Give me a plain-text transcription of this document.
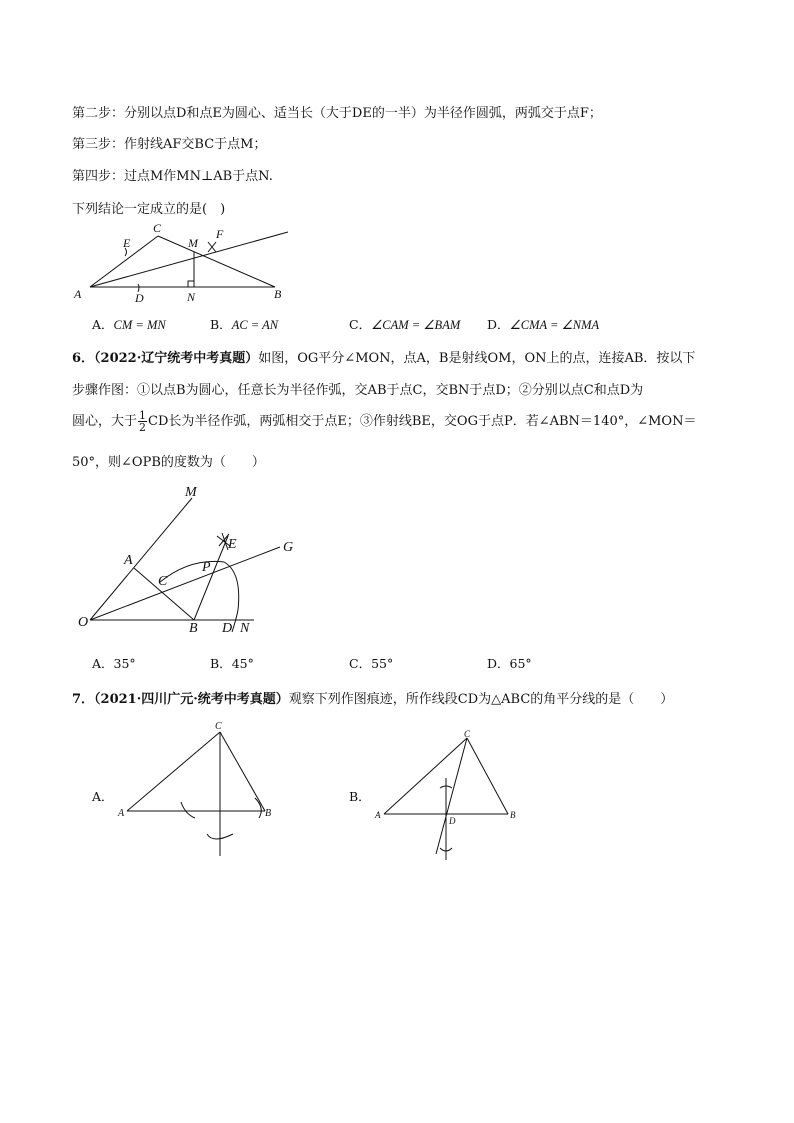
第二步：分别以点D和点E为圆心、适当长（大于DE的一半）为半径作圆弧，两弧交于点F；
第三步：作射线AF交BC于点M；
第四步：过点M作MN⊥AB于点N.
下列结论一定成立的是(　)
C
E	M
F
A	D	N	B
A．CM = MN	B．AC = AN	C．∠CAM = ∠BAM D．∠CMA = ∠NMA
6．（2022·辽宁统考中考真题）如图，OG平分∠MON，点A，B是射线OM，ON上的点，连接AB．按以下
步骤作图：①以点B为圆心，任意长为半径作弧，交AB于点C，交BN于点D；②分别以点C和点D为
圆心，大于 $\frac{1}{2}$ CD长为半径作弧，两弧相交于点E；③作射线BE，交OG于点P．若∠ABN＝140°，∠MON＝
50°，则∠OPB的度数为（　　）
M
E	G
A	P
C
O	B D N
A．35°	B．45°	C．55°	D．65°
7．（2021·四川广元·统考中考真题）观察下列作图痕迹，所作线段CD为△ABC的角平分线的是（　　）
A．
C
A	B
B．
C
A
D
B
